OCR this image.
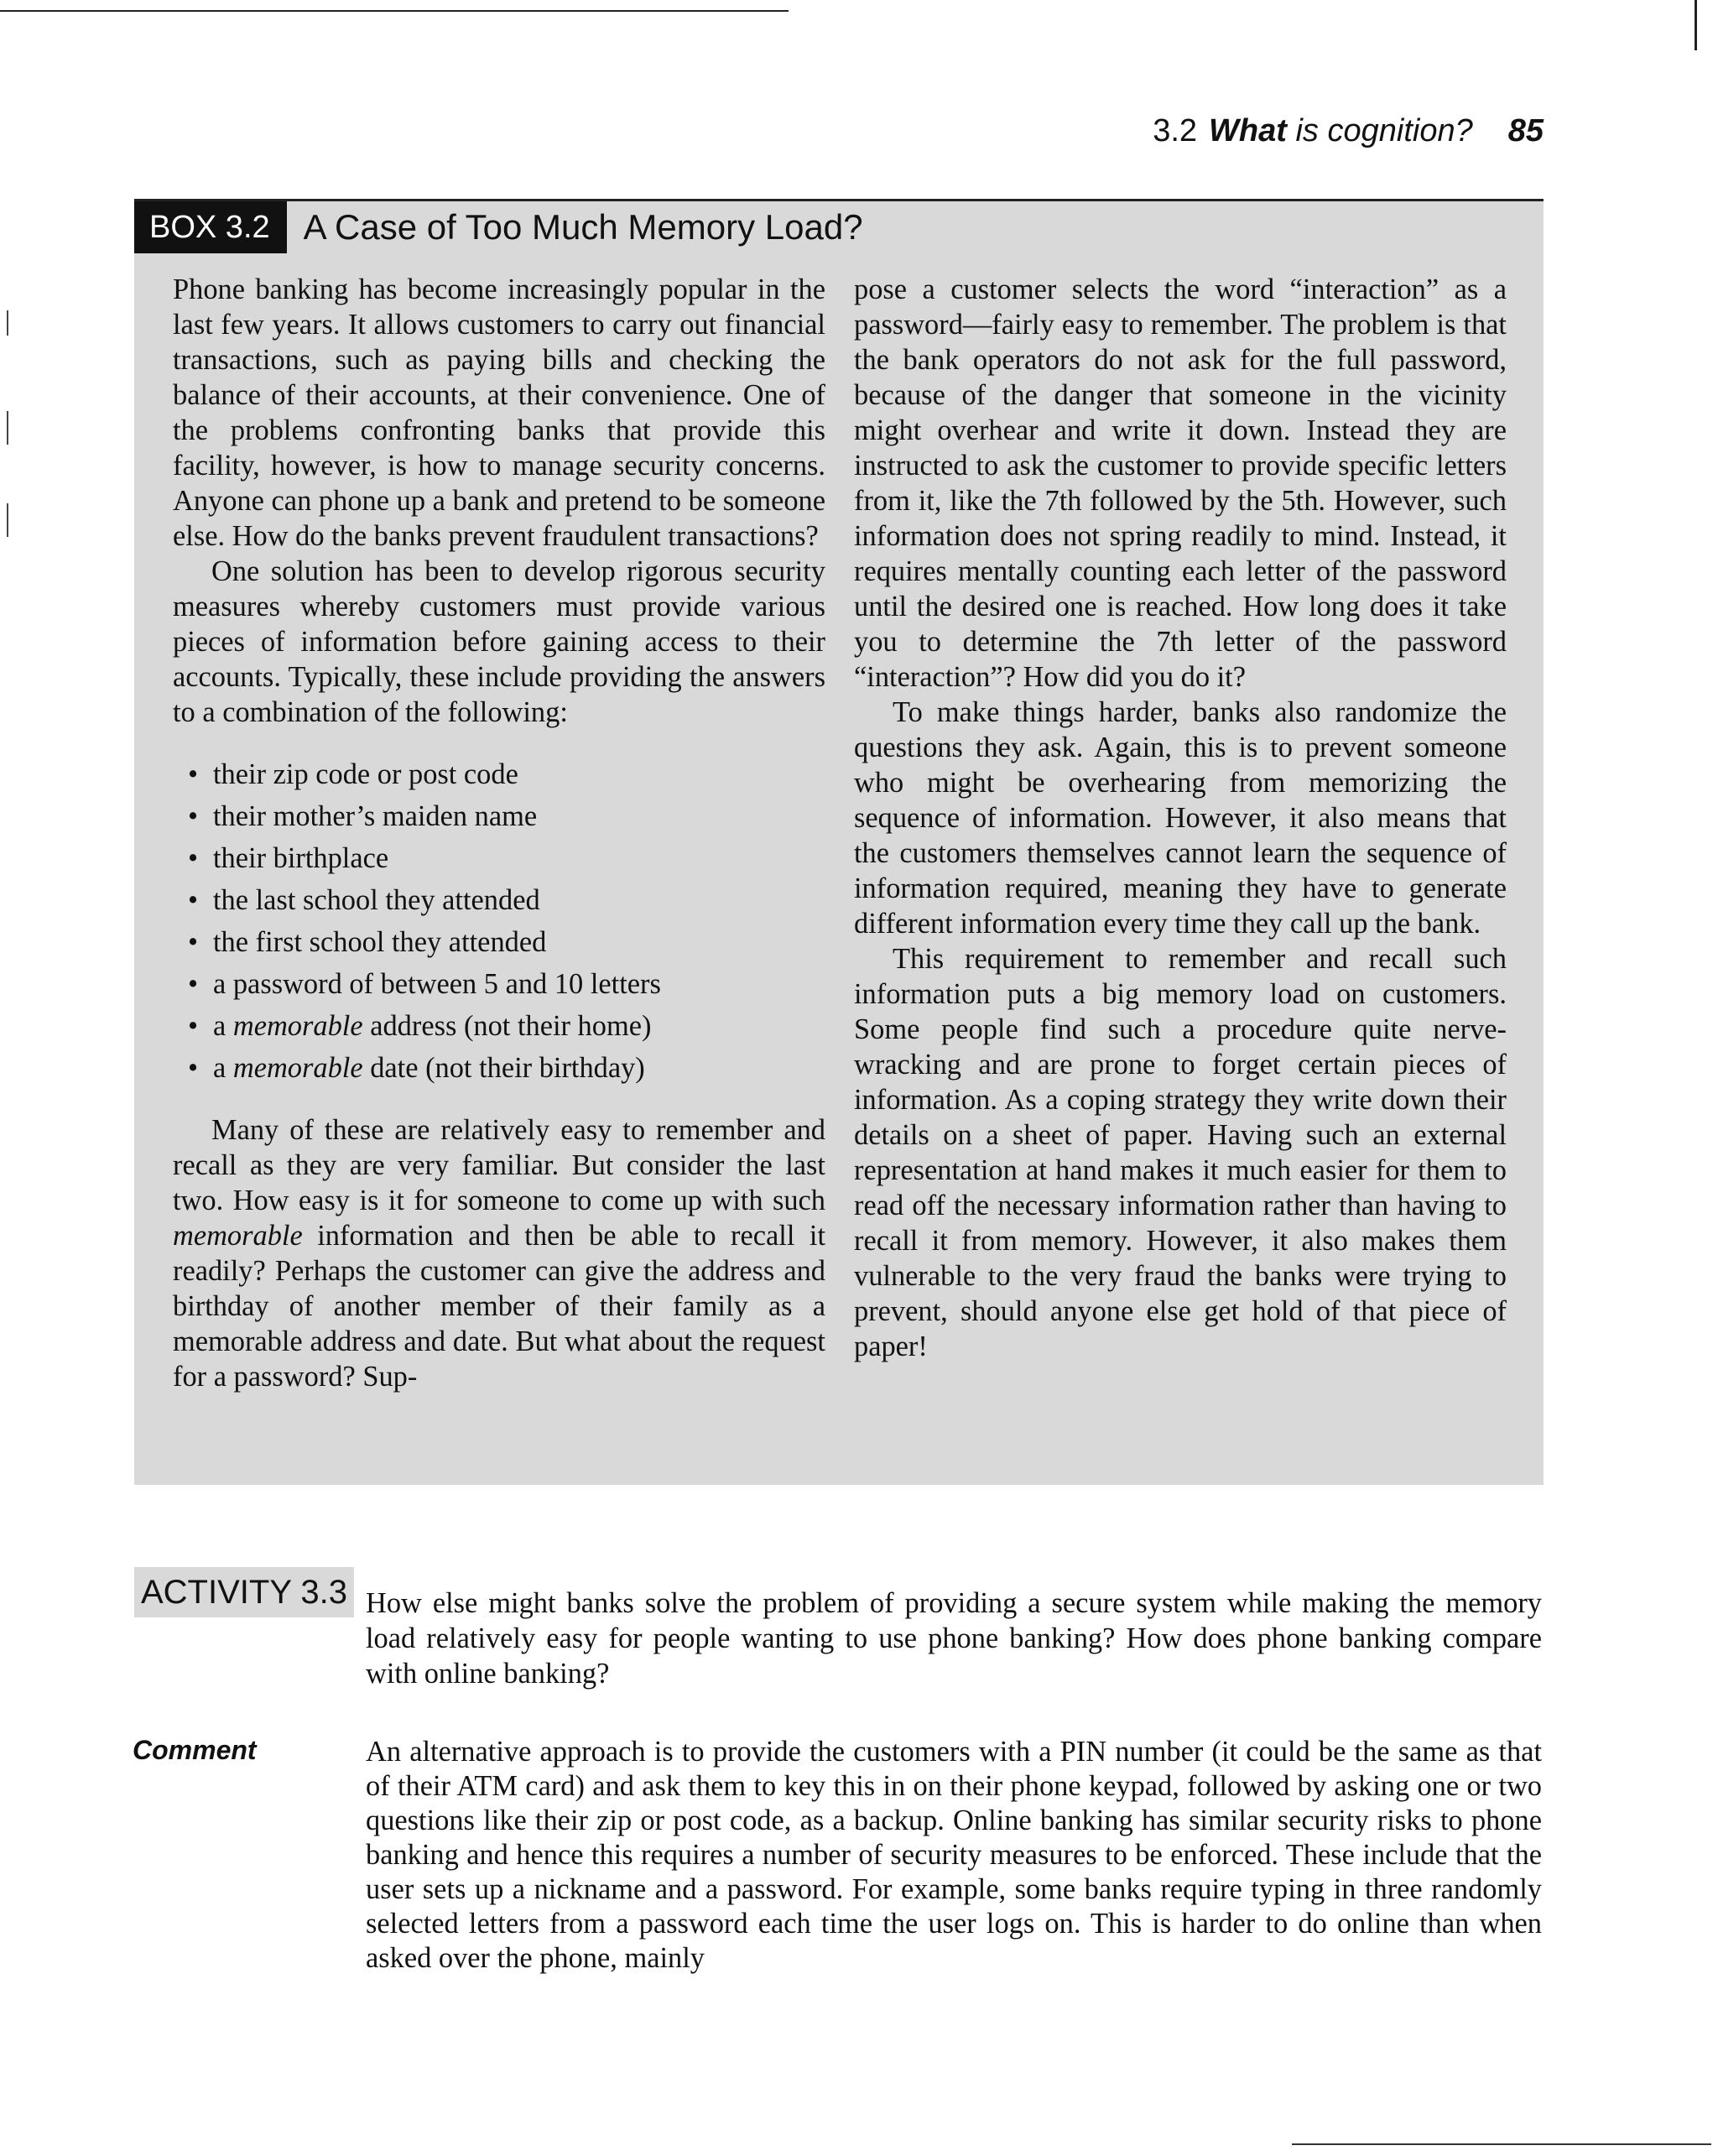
3.2 What is cognition? 85
BOX 3.2 A Case of Too Much Memory Load?

Phone banking has become increasingly popular in the last few years. It allows customers to carry out financial transactions, such as paying bills and checking the balance of their accounts, at their convenience. One of the problems confronting banks that provide this facility, however, is how to manage security concerns. Anyone can phone up a bank and pretend to be someone else. How do the banks prevent fraudulent transactions?

One solution has been to develop rigorous security measures whereby customers must provide various pieces of information before gaining access to their accounts. Typically, these include providing the answers to a combination of the following:

• their zip code or post code
• their mother’s maiden name
• their birthplace
• the last school they attended
• the first school they attended
• a password of between 5 and 10 letters
• a memorable address (not their home)
• a memorable date (not their birthday)

Many of these are relatively easy to remember and recall as they are very familiar. But consider the last two. How easy is it for someone to come up with such memorable information and then be able to recall it readily? Perhaps the customer can give the address and birthday of another member of their family as a memorable address and date. But what about the request for a password? Sup-

pose a customer selects the word “interaction” as a password—fairly easy to remember. The problem is that the bank operators do not ask for the full password, because of the danger that someone in the vicinity might overhear and write it down. Instead they are instructed to ask the customer to provide specific letters from it, like the 7th followed by the 5th. However, such information does not spring readily to mind. Instead, it requires mentally counting each letter of the password until the desired one is reached. How long does it take you to determine the 7th letter of the password “interaction”? How did you do it?

To make things harder, banks also randomize the questions they ask. Again, this is to prevent someone who might be overhearing from memorizing the sequence of information. However, it also means that the customers themselves cannot learn the sequence of information required, meaning they have to generate different information every time they call up the bank.

This requirement to remember and recall such information puts a big memory load on customers. Some people find such a procedure quite nerve-wracking and are prone to forget certain pieces of information. As a coping strategy they write down their details on a sheet of paper. Having such an external representation at hand makes it much easier for them to read off the necessary information rather than having to recall it from memory. However, it also makes them vulnerable to the very fraud the banks were trying to prevent, should anyone else get hold of that piece of paper!

ACTIVITY 3.3 How else might banks solve the problem of providing a secure system while making the memory load relatively easy for people wanting to use phone banking? How does phone banking compare with online banking?

Comment	An alternative approach is to provide the customers with a PIN number (it could be the same as that of their ATM card) and ask them to key this in on their phone keypad, followed by asking one or two questions like their zip or post code, as a backup. Online banking has similar security risks to phone banking and hence this requires a number of security measures to be enforced. These include that the user sets up a nickname and a password. For example, some banks require typing in three randomly selected letters from a password each time the user logs on. This is harder to do online than when asked over the phone, mainly
